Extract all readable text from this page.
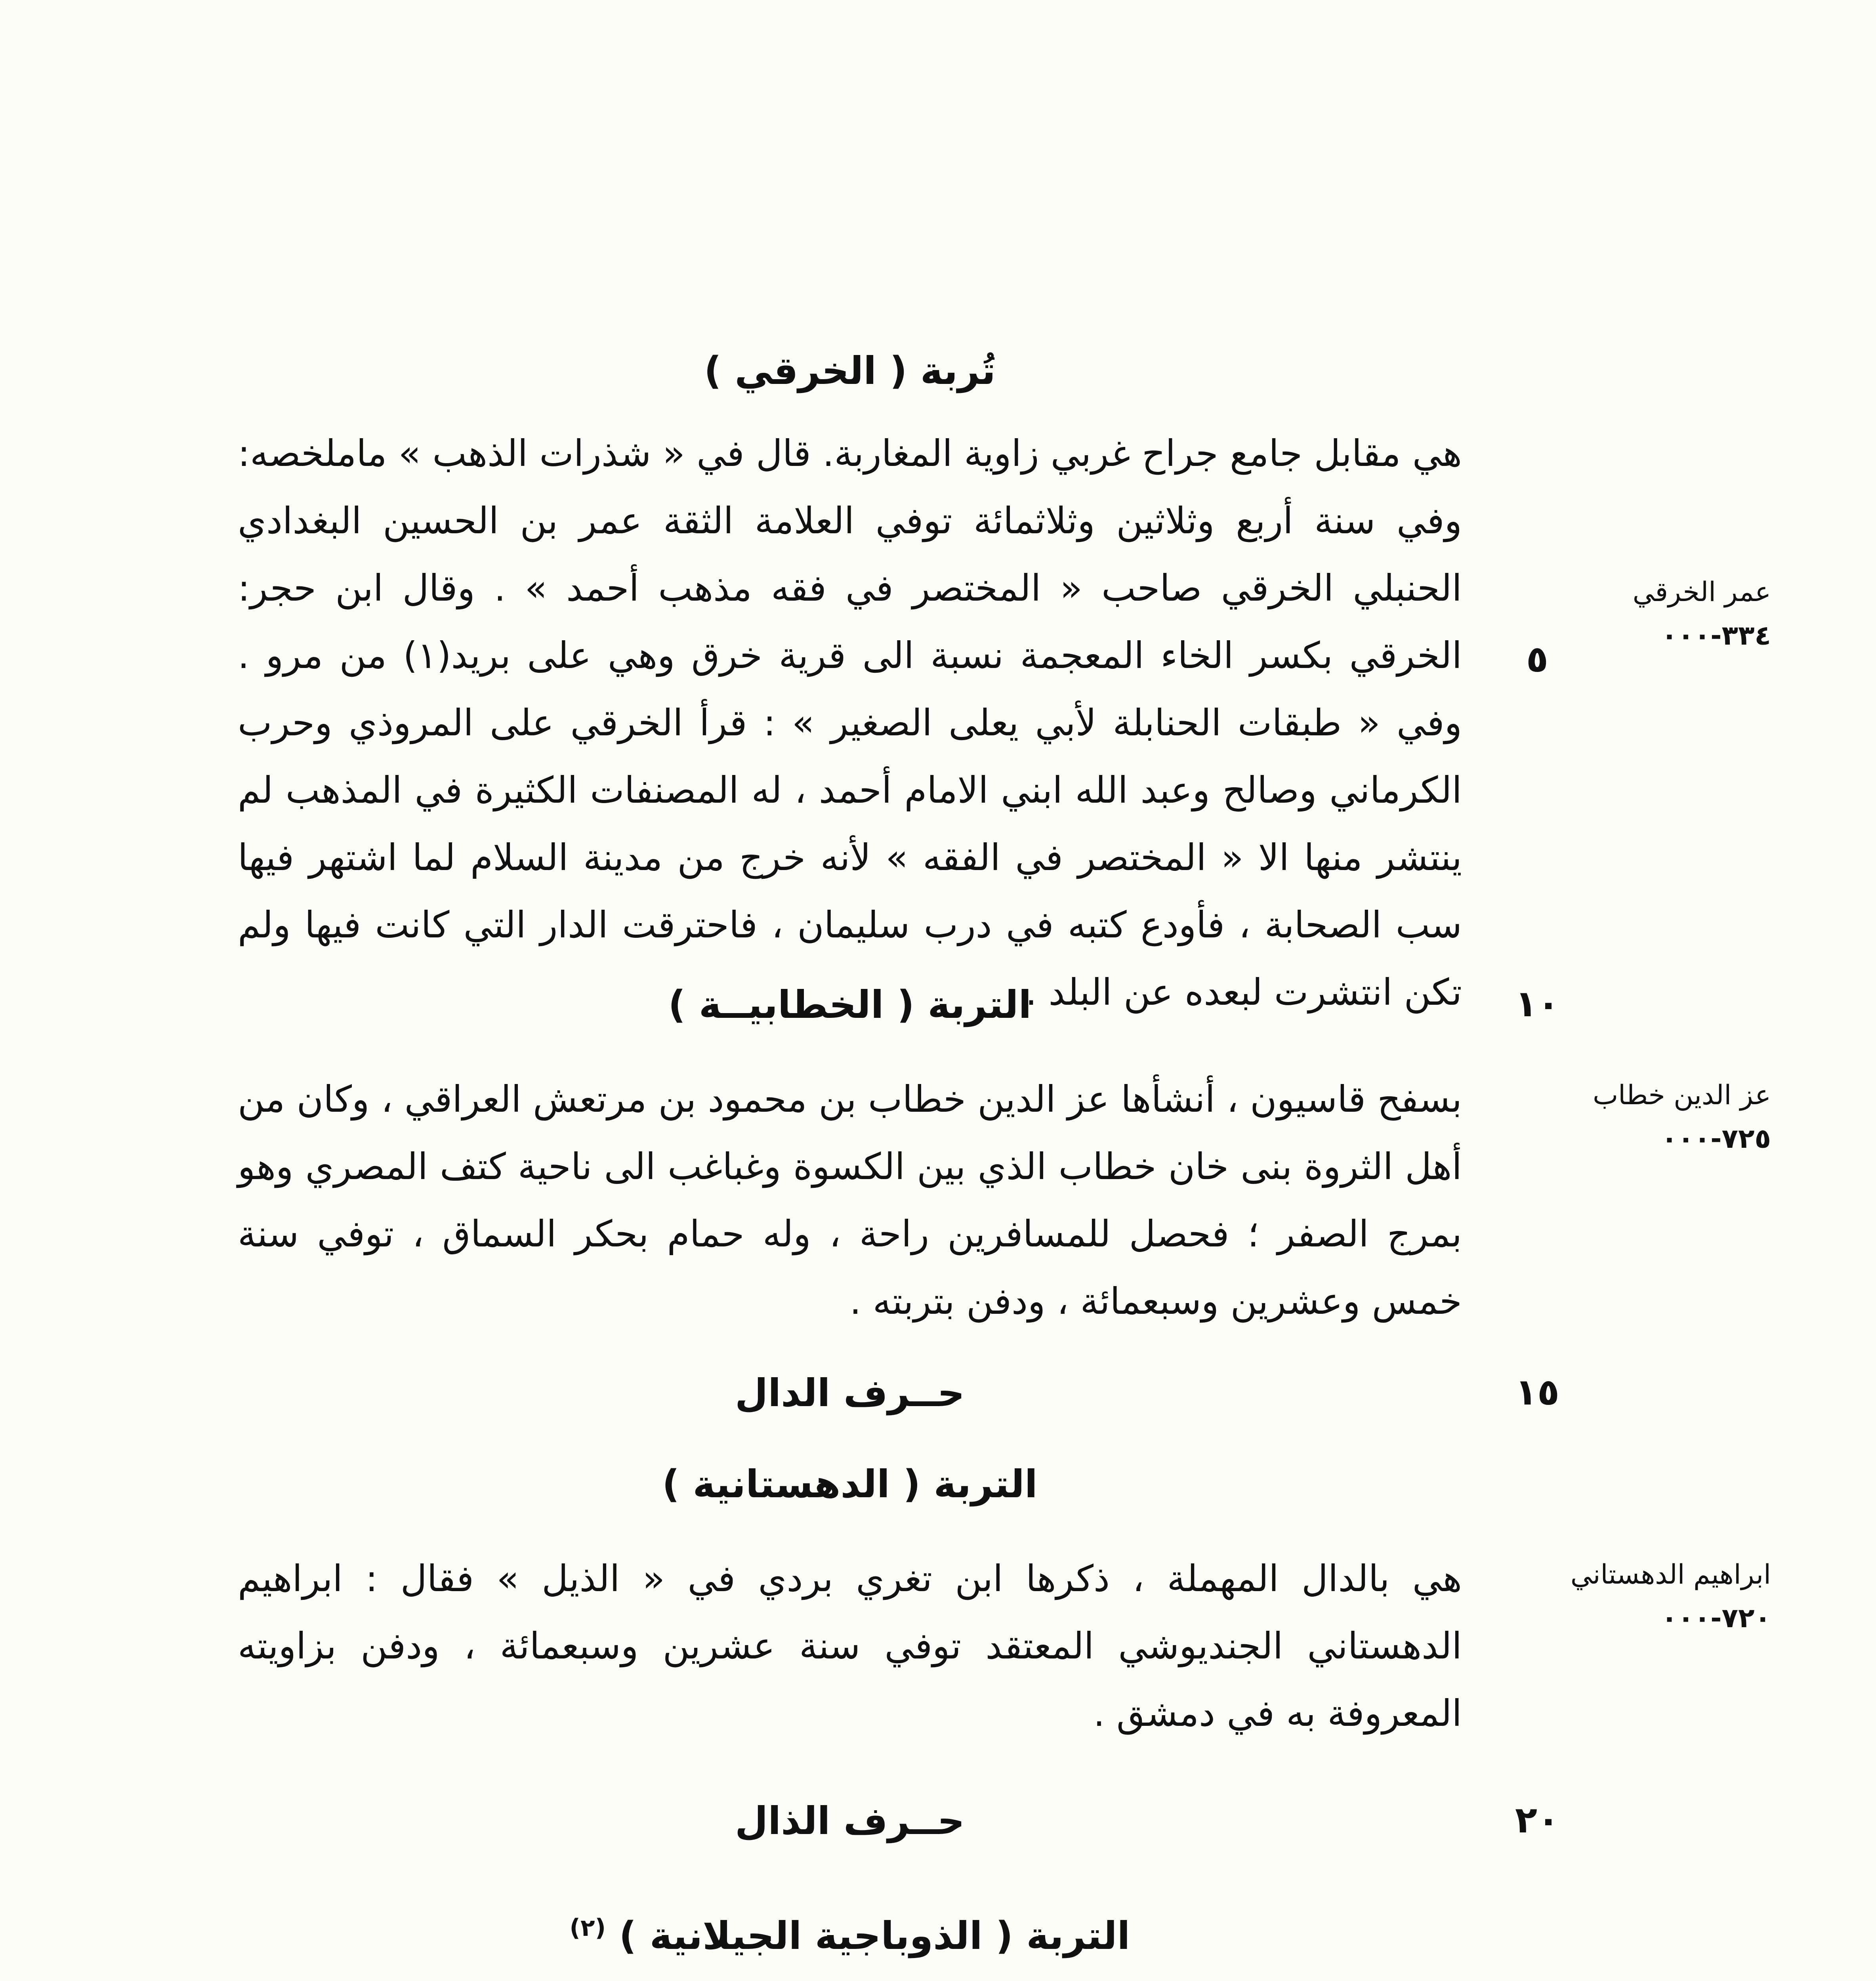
تُربة ( الخرقي )
هي مقابل جامع جراح غربي زاوية المغاربة. قال في « شذرات الذهب » ماملخصه: وفي سنة أربع وثلاثين وثلاثمائة توفي العلامة الثقة عمر بن الحسين البغدادي الحنبلي الخرقي صاحب « المختصر في فقه مذهب أحمد » . وقال ابن حجر: الخرقي بكسر الخاء المعجمة نسبة الى قرية خرق وهي على بريد(١) من مرو . وفي « طبقات الحنابلة لأبي يعلى الصغير » : قرأ الخرقي على المروذي وحرب الكرماني وصالح وعبد الله ابني الامام أحمد ، له المصنفات الكثيرة في المذهب لم ينتشر منها الا « المختصر في الفقه » لأنه خرج من مدينة السلام لما اشتهر فيها سب الصحابة ، فأودع كتبه في درب سليمان ، فاحترقت الدار التي كانت فيها ولم تكن انتشرت لبعده عن البلد .
عمر الخرقي
٣٣٤-٠٠٠
٥
التربة ( الخطابيــة )	١٠
بسفح قاسيون ، أنشأها عز الدين خطاب بن محمود بن مرتعش العراقي ، وكان من أهل الثروة بنى خان خطاب الذي بين الكسوة وغباغب الى ناحية كتف المصري وهو بمرج الصفر ؛ فحصل للمسافرين راحة ، وله حمام بحكر السماق ، توفي سنة خمس وعشرين وسبعمائة ، ودفن بتربته .
عز الدين خطاب
٧٢٥-٠٠٠
حــرف الدال	١٥
التربة ( الدهستانية )
هي بالدال المهملة ، ذكرها ابن تغري بردي في « الذيل » فقال : ابراهيم الدهستاني الجنديوشي المعتقد توفي سنة عشرين وسبعمائة ، ودفن بزاويته المعروفة به في دمشق .
ابراهيم الدهستاني
٧٢٠-٠٠٠
حــرف الذال	٢٠
التربة ( الذوباجية الجيلانية ) $^{(٢)}$
